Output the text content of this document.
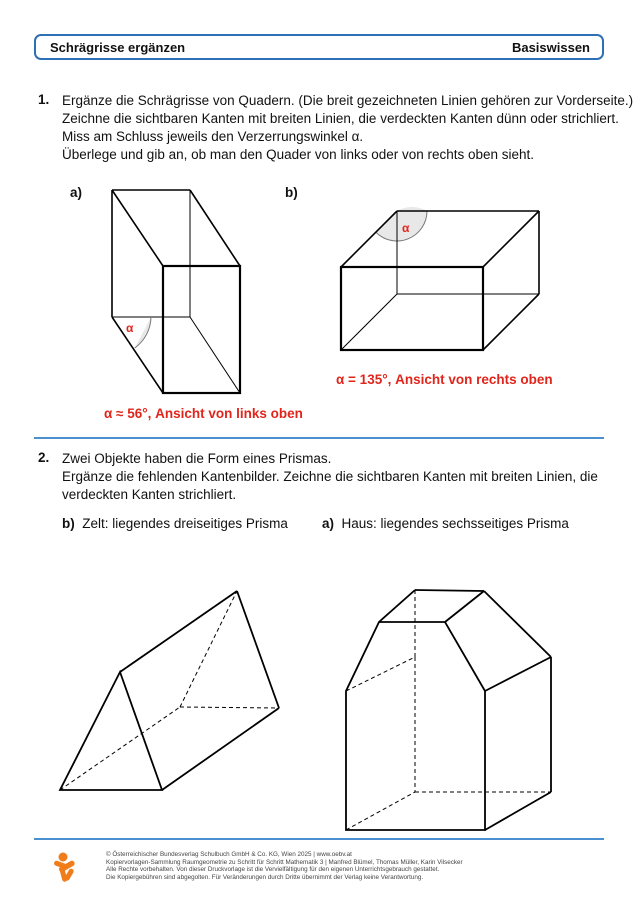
Schrägrisse ergänzen	Basiswissen
1. Ergänze die Schrägrisse von Quadern. (Die breit gezeichneten Linien gehören zur Vorderseite.)
Zeichne die sichtbaren Kanten mit breiten Linien, die verdeckten Kanten dünn oder strichliert.
Miss am Schluss jeweils den Verzerrungswinkel α.
Überlege und gib an, ob man den Quader von links oder von rechts oben sieht.
a)	b)
α ≈ 56°, Ansicht von links oben
α = 135°, Ansicht von rechts oben
α
α
2. Zwei Objekte haben die Form eines Prismas.
Ergänze die fehlenden Kantenbilder. Zeichne die sichtbaren Kanten mit breiten Linien, die
verdeckten Kanten strichliert.
b) Zelt: liegendes dreiseitiges Prisma	a) Haus: liegendes sechsseitiges Prisma
© Österreichischer Bundesverlag Schulbuch GmbH & Co. KG, Wien 2025 | www.oebv.at
Kopiervorlagen-Sammlung Raumgeometrie zu Schritt für Schritt Mathematik 3 | Manfred Blümel, Thomas Müller, Karin Vilsecker
Alle Rechte vorbehalten. Von dieser Druckvorlage ist die Vervielfältigung für den eigenen Unterrichtsgebrauch gestattet.
Die Kopiergebühren sind abgegolten. Für Veränderungen durch Dritte übernimmt der Verlag keine Verantwortung.
